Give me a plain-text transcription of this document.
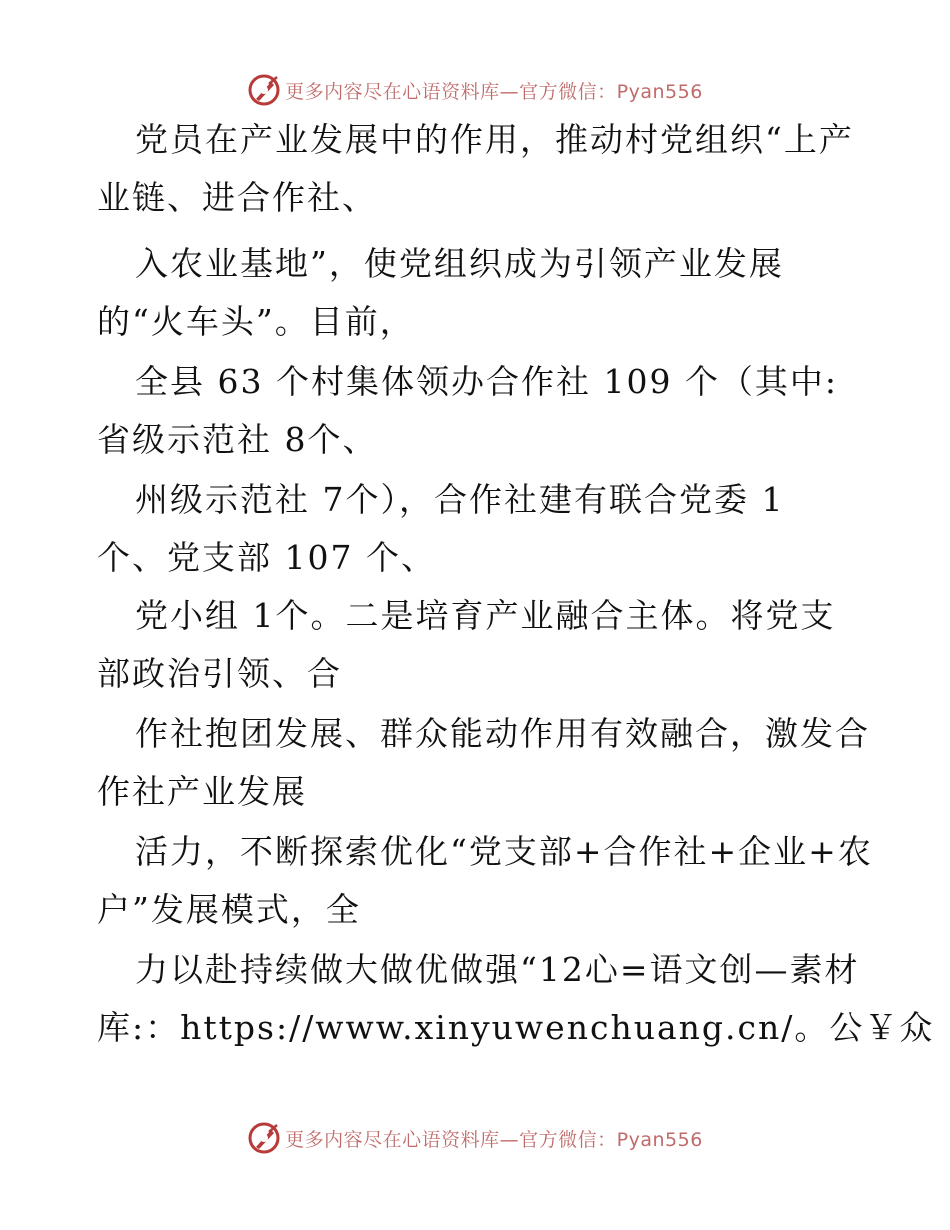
更多内容尽在心语资料库—官方微信：Pyan556
党员在产业发展中的作用，推动村党组织“上产
业链、进合作社、
入农业基地”，使党组织成为引领产业发展
的“火车头”。目前，
全县 63 个村集体领办合作社 109 个（其中:
省级示范社 8个、
州级示范社 7个），合作社建有联合党委 1
个、党支部 107 个、
党小组 1个。二是培育产业融合主体。将党支
部政治引领、合
作社抱团发展、群众能动作用有效融合，激发合
作社产业发展
活力，不断探索优化“党支部+合作社+企业+农
户”发展模式，全
力以赴持续做大做优做强“12心=语文创—素材
库:：https://www.xinyuwenchuang.cn/。公￥众
更多内容尽在心语资料库—官方微信：Pyan556
